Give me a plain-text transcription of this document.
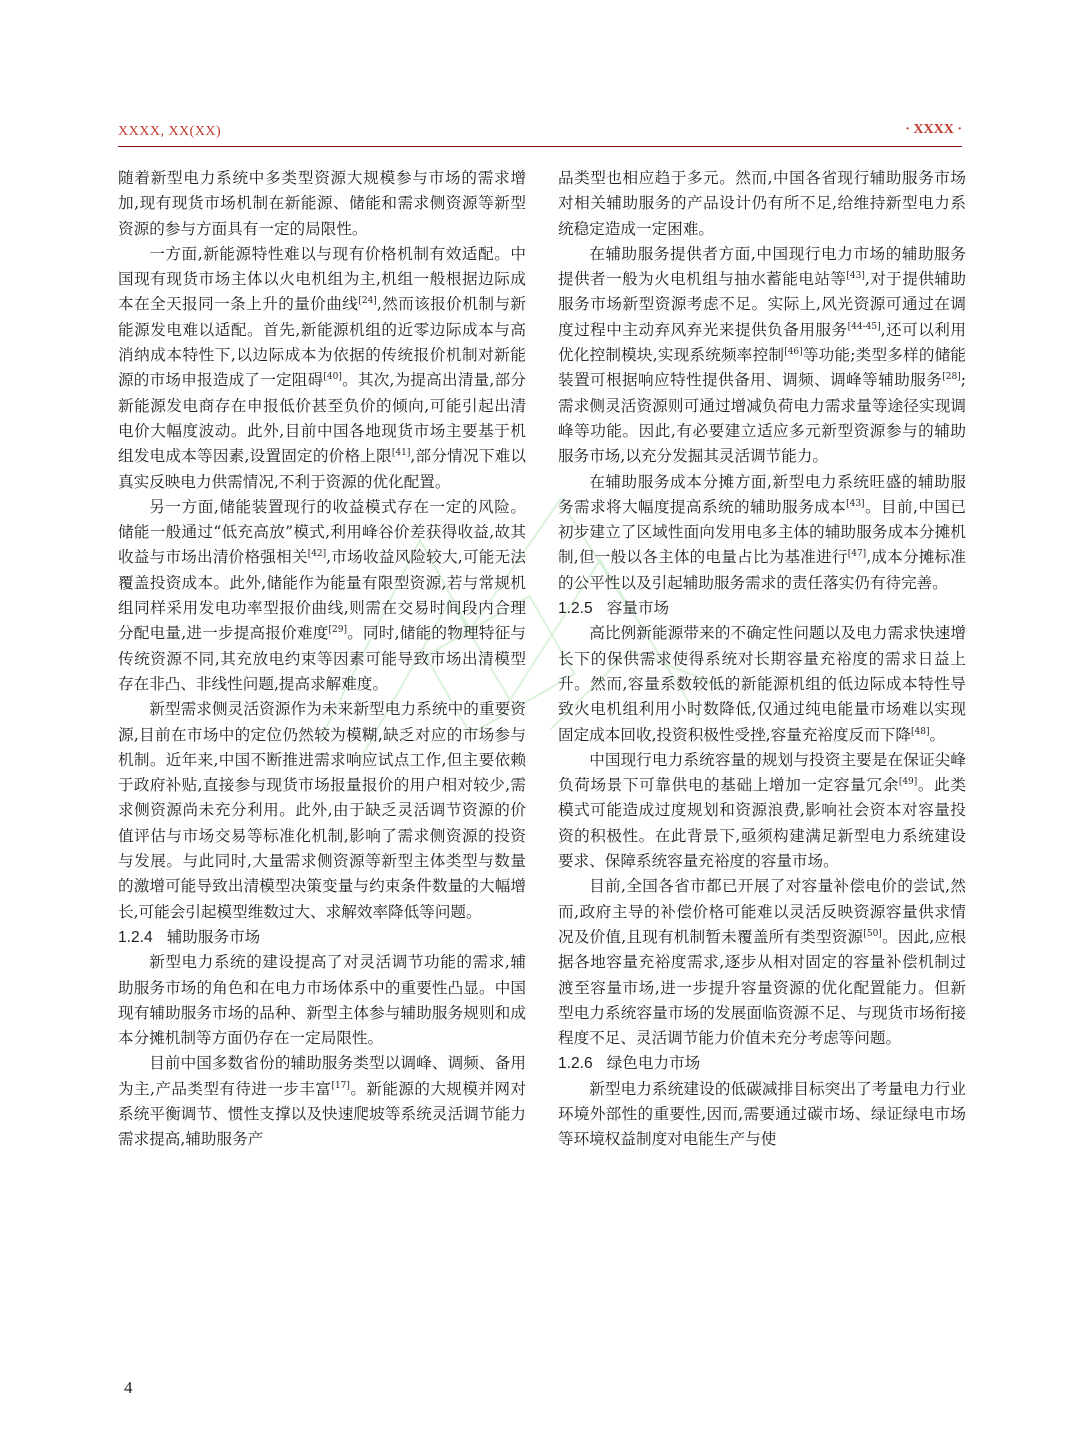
XXXX, XX(XX)	· XXXX ·

随着新型电力系统中多类型资源大规模参与市场的需求增加,现有现货市场机制在新能源、储能和需求侧资源等新型资源的参与方面具有一定的局限性。

一方面,新能源特性难以与现有价格机制有效适配。中国现有现货市场主体以火电机组为主,机组一般根据边际成本在全天报同一条上升的量价曲线[24],然而该报价机制与新能源发电难以适配。首先,新能源机组的近零边际成本与高消纳成本特性下,以边际成本为依据的传统报价机制对新能源的市场申报造成了一定阻碍[40]。其次,为提高出清量,部分新能源发电商存在申报低价甚至负价的倾向,可能引起出清电价大幅度波动。此外,目前中国各地现货市场主要基于机组发电成本等因素,设置固定的价格上限[41],部分情况下难以真实反映电力供需情况,不利于资源的优化配置。

另一方面,储能装置现行的收益模式存在一定的风险。储能一般通过“低充高放”模式,利用峰谷价差获得收益,故其收益与市场出清价格强相关[42],市场收益风险较大,可能无法覆盖投资成本。此外,储能作为能量有限型资源,若与常规机组同样采用发电功率型报价曲线,则需在交易时间段内合理分配电量,进一步提高报价难度[29]。同时,储能的物理特征与传统资源不同,其充放电约束等因素可能导致市场出清模型存在非凸、非线性问题,提高求解难度。

新型需求侧灵活资源作为未来新型电力系统中的重要资源,目前在市场中的定位仍然较为模糊,缺乏对应的市场参与机制。近年来,中国不断推进需求响应试点工作,但主要依赖于政府补贴,直接参与现货市场报量报价的用户相对较少,需求侧资源尚未充分利用。此外,由于缺乏灵活调节资源的价值评估与市场交易等标准化机制,影响了需求侧资源的投资与发展。与此同时,大量需求侧资源等新型主体类型与数量的激增可能导致出清模型决策变量与约束条件数量的大幅增长,可能会引起模型维数过大、求解效率降低等问题。

1.2.4 辅助服务市场

新型电力系统的建设提高了对灵活调节功能的需求,辅助服务市场的角色和在电力市场体系中的重要性凸显。中国现有辅助服务市场的品种、新型主体参与辅助服务规则和成本分摊机制等方面仍存在一定局限性。

目前中国多数省份的辅助服务类型以调峰、调频、备用为主,产品类型有待进一步丰富[17]。新能源的大规模并网对系统平衡调节、惯性支撑以及快速爬坡等系统灵活调节能力需求提高,辅助服务产

品类型也相应趋于多元。然而,中国各省现行辅助服务市场对相关辅助服务的产品设计仍有所不足,给维持新型电力系统稳定造成一定困难。

在辅助服务提供者方面,中国现行电力市场的辅助服务提供者一般为火电机组与抽水蓄能电站等[43],对于提供辅助服务市场新型资源考虑不足。实际上,风光资源可通过在调度过程中主动弃风弃光来提供负备用服务[44-45],还可以利用优化控制模块,实现系统频率控制[46]等功能;类型多样的储能装置可根据响应特性提供备用、调频、调峰等辅助服务[28];需求侧灵活资源则可通过增减负荷电力需求量等途径实现调峰等功能。因此,有必要建立适应多元新型资源参与的辅助服务市场,以充分发掘其灵活调节能力。

在辅助服务成本分摊方面,新型电力系统旺盛的辅助服务需求将大幅度提高系统的辅助服务成本[43]。目前,中国已初步建立了区域性面向发用电多主体的辅助服务成本分摊机制,但一般以各主体的电量占比为基准进行[47],成本分摊标准的公平性以及引起辅助服务需求的责任落实仍有待完善。

1.2.5 容量市场

高比例新能源带来的不确定性问题以及电力需求快速增长下的保供需求使得系统对长期容量充裕度的需求日益上升。然而,容量系数较低的新能源机组的低边际成本特性导致火电机组利用小时数降低,仅通过纯电能量市场难以实现固定成本回收,投资积极性受挫,容量充裕度反而下降[48]。

中国现行电力系统容量的规划与投资主要是在保证尖峰负荷场景下可靠供电的基础上增加一定容量冗余[49]。此类模式可能造成过度规划和资源浪费,影响社会资本对容量投资的积极性。在此背景下,亟须构建满足新型电力系统建设要求、保障系统容量充裕度的容量市场。

目前,全国各省市都已开展了对容量补偿电价的尝试,然而,政府主导的补偿价格可能难以灵活反映资源容量供求情况及价值,且现有机制暂未覆盖所有类型资源[50]。因此,应根据各地容量充裕度需求,逐步从相对固定的容量补偿机制过渡至容量市场,进一步提升容量资源的优化配置能力。但新型电力系统容量市场的发展面临资源不足、与现货市场衔接程度不足、灵活调节能力价值未充分考虑等问题。

1.2.6 绿色电力市场

新型电力系统建设的低碳减排目标突出了考量电力行业环境外部性的重要性,因而,需要通过碳市场、绿证绿电市场等环境权益制度对电能生产与使

4
